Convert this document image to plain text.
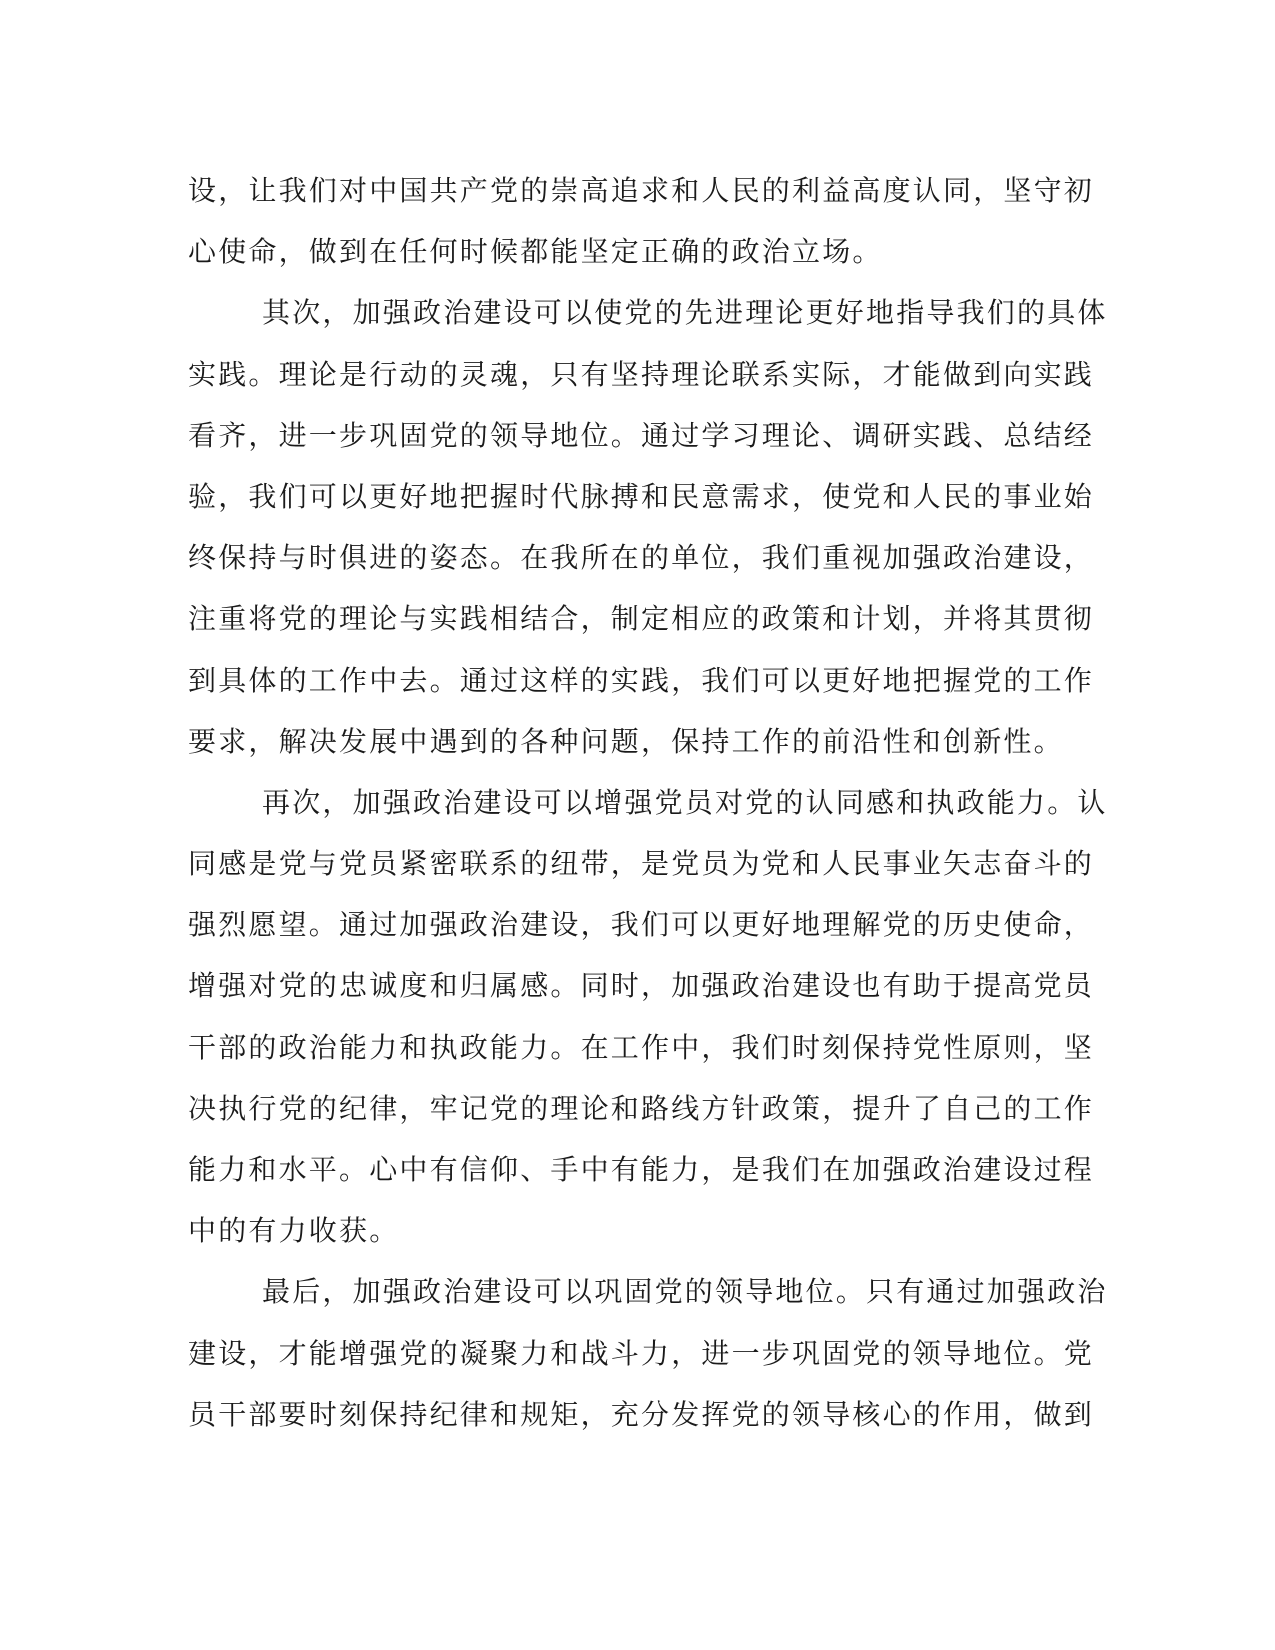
设，让我们对中国共产党的崇高追求和人民的利益高度认同，坚守初
心使命，做到在任何时候都能坚定正确的政治立场。
其次，加强政治建设可以使党的先进理论更好地指导我们的具体
实践。理论是行动的灵魂，只有坚持理论联系实际，才能做到向实践
看齐，进一步巩固党的领导地位。通过学习理论、调研实践、总结经
验，我们可以更好地把握时代脉搏和民意需求，使党和人民的事业始
终保持与时俱进的姿态。在我所在的单位，我们重视加强政治建设，
注重将党的理论与实践相结合，制定相应的政策和计划，并将其贯彻
到具体的工作中去。通过这样的实践，我们可以更好地把握党的工作
要求，解决发展中遇到的各种问题，保持工作的前沿性和创新性。
再次，加强政治建设可以增强党员对党的认同感和执政能力。认
同感是党与党员紧密联系的纽带，是党员为党和人民事业矢志奋斗的
强烈愿望。通过加强政治建设，我们可以更好地理解党的历史使命，
增强对党的忠诚度和归属感。同时，加强政治建设也有助于提高党员
干部的政治能力和执政能力。在工作中，我们时刻保持党性原则，坚
决执行党的纪律，牢记党的理论和路线方针政策，提升了自己的工作
能力和水平。心中有信仰、手中有能力，是我们在加强政治建设过程
中的有力收获。
最后，加强政治建设可以巩固党的领导地位。只有通过加强政治
建设，才能增强党的凝聚力和战斗力，进一步巩固党的领导地位。党
员干部要时刻保持纪律和规矩，充分发挥党的领导核心的作用，做到
